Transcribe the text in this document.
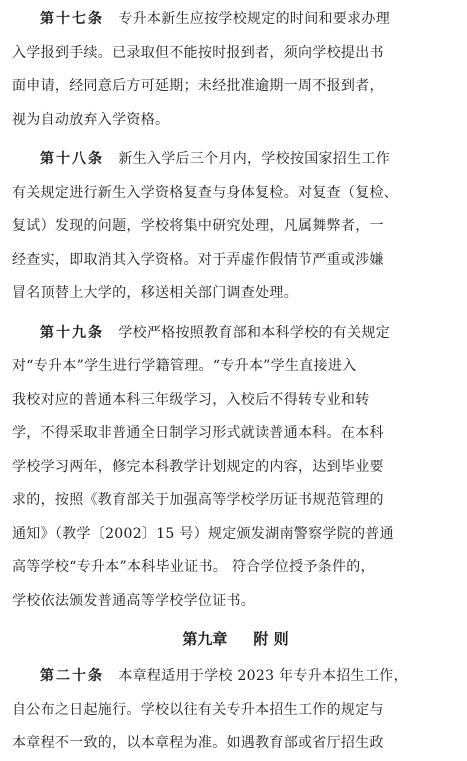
第十七条  专升本新生应按学校规定的时间和要求办理
入学报到手续。已录取但不能按时报到者，须向学校提出书
面申请，经同意后方可延期；未经批准逾期一周不报到者，
视为自动放弃入学资格。
第十八条  新生入学后三个月内，学校按国家招生工作
有关规定进行新生入学资格复查与身体复检。对复查（复检、
复试）发现的问题，学校将集中研究处理，凡属舞弊者，一
经查实，即取消其入学资格。对于弄虚作假情节严重或涉嫌
冒名顶替上大学的，移送相关部门调查处理。
第十九条  学校严格按照教育部和本科学校的有关规定
对“专升本”学生进行学籍管理。“专升本”学生直接进入
我校对应的普通本科三年级学习，入校后不得转专业和转
学，不得采取非普通全日制学习形式就读普通本科。在本科
学校学习两年，修完本科教学计划规定的内容，达到毕业要
求的，按照《教育部关于加强高等学校学历证书规范管理的
通知》（教学〔2002〕15 号）规定颁发湖南警察学院的普通
高等学校“专升本”本科毕业证书。 符合学位授予条件的，
学校依法颁发普通高等学校学位证书。
第九章 附 则
第二十条  本章程适用于学校 2023 年专升本招生工作，
自公布之日起施行。学校以往有关专升本招生工作的规定与
本章程不一致的，以本章程为准。如遇教育部或省厅招生政
